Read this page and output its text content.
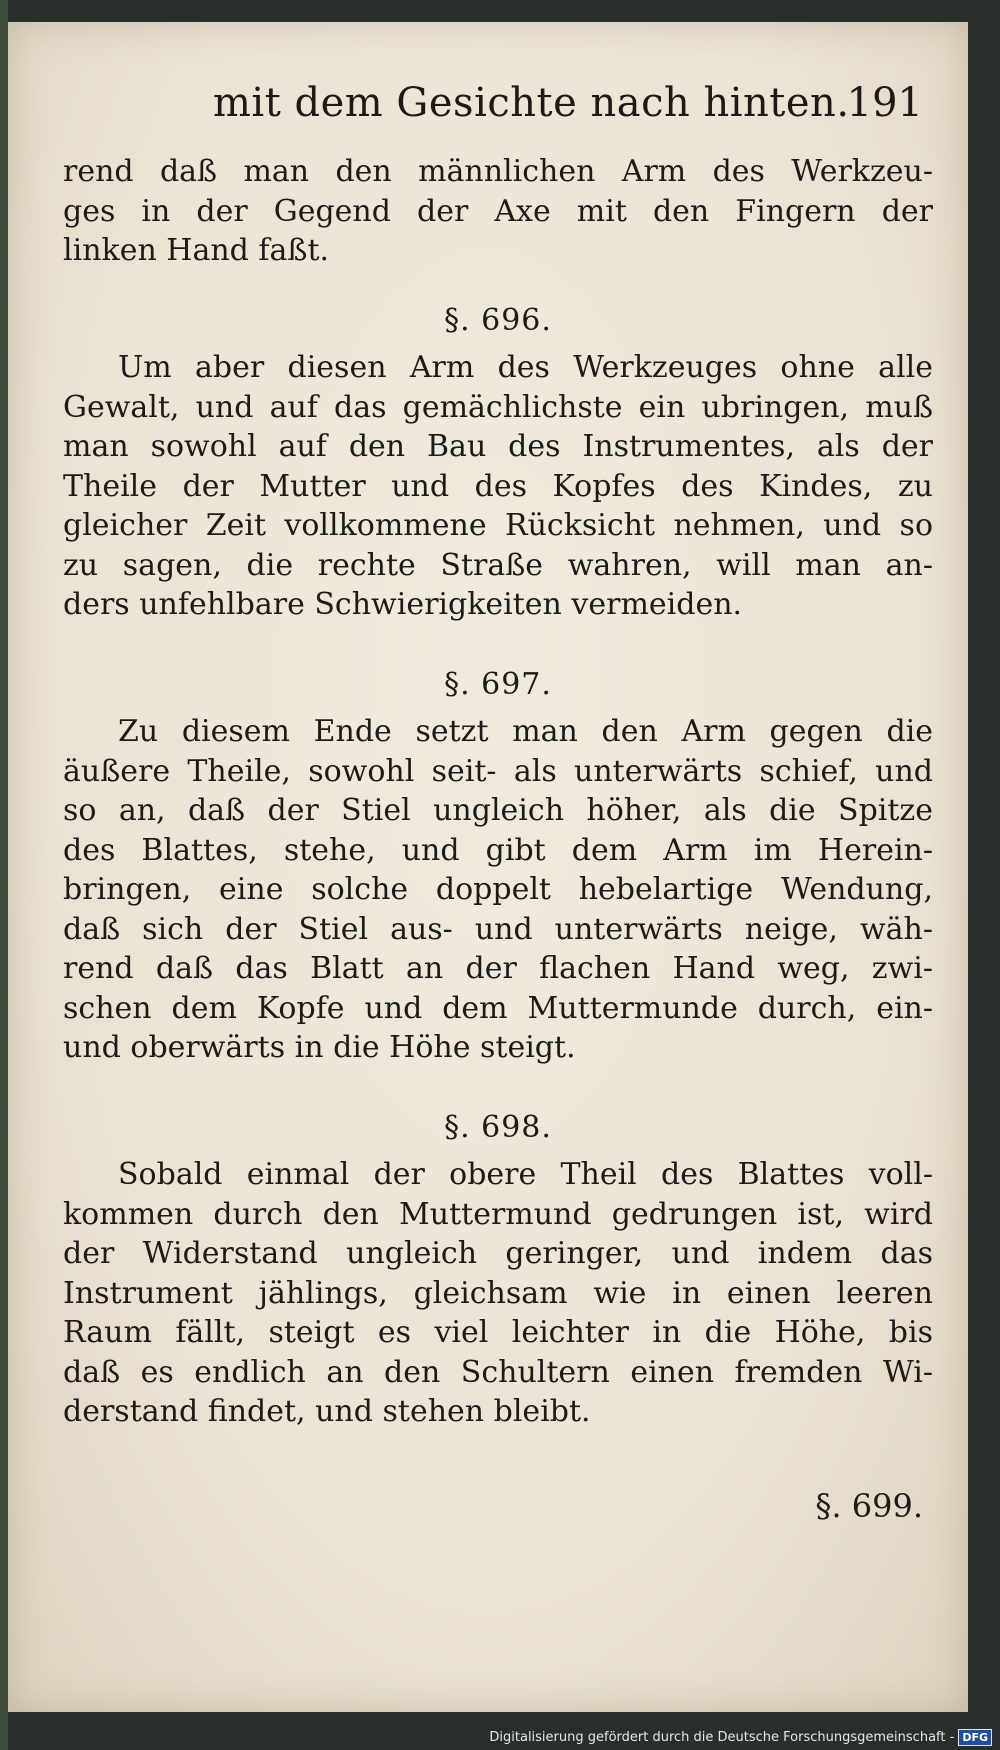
mit dem Gesichte nach hinten.
191
rend daß man den männlichen Arm des Werkzeu-
ges in der Gegend der Axe mit den Fingern der
linken Hand faßt.
§. 696.
Um aber diesen Arm des Werkzeuges ohne alle
Gewalt, und auf das gemächlichste ein ubringen, muß
man sowohl auf den Bau des Instrumentes, als der
Theile der Mutter und des Kopfes des Kindes, zu
gleicher Zeit vollkommene Rücksicht nehmen, und so
zu sagen, die rechte Straße wahren, will man an-
ders unfehlbare Schwierigkeiten vermeiden.
§. 697.
Zu diesem Ende setzt man den Arm gegen die
äußere Theile, sowohl seit- als unterwärts schief, und
so an, daß der Stiel ungleich höher, als die Spitze
des Blattes, stehe, und gibt dem Arm im Herein-
bringen, eine solche doppelt hebelartige Wendung,
daß sich der Stiel aus- und unterwärts neige, wäh-
rend daß das Blatt an der flachen Hand weg, zwi-
schen dem Kopfe und dem Muttermunde durch, ein-
und oberwärts in die Höhe steigt.
§. 698.
Sobald einmal der obere Theil des Blattes voll-
kommen durch den Muttermund gedrungen ist, wird
der Widerstand ungleich geringer, und indem das
Instrument jählings, gleichsam wie in einen leeren
Raum fällt, steigt es viel leichter in die Höhe, bis
daß es endlich an den Schultern einen fremden Wi-
derstand findet, und stehen bleibt.
§. 699.
Digitalisierung gefördert durch die Deutsche Forschungsgemeinschaft - DFG
